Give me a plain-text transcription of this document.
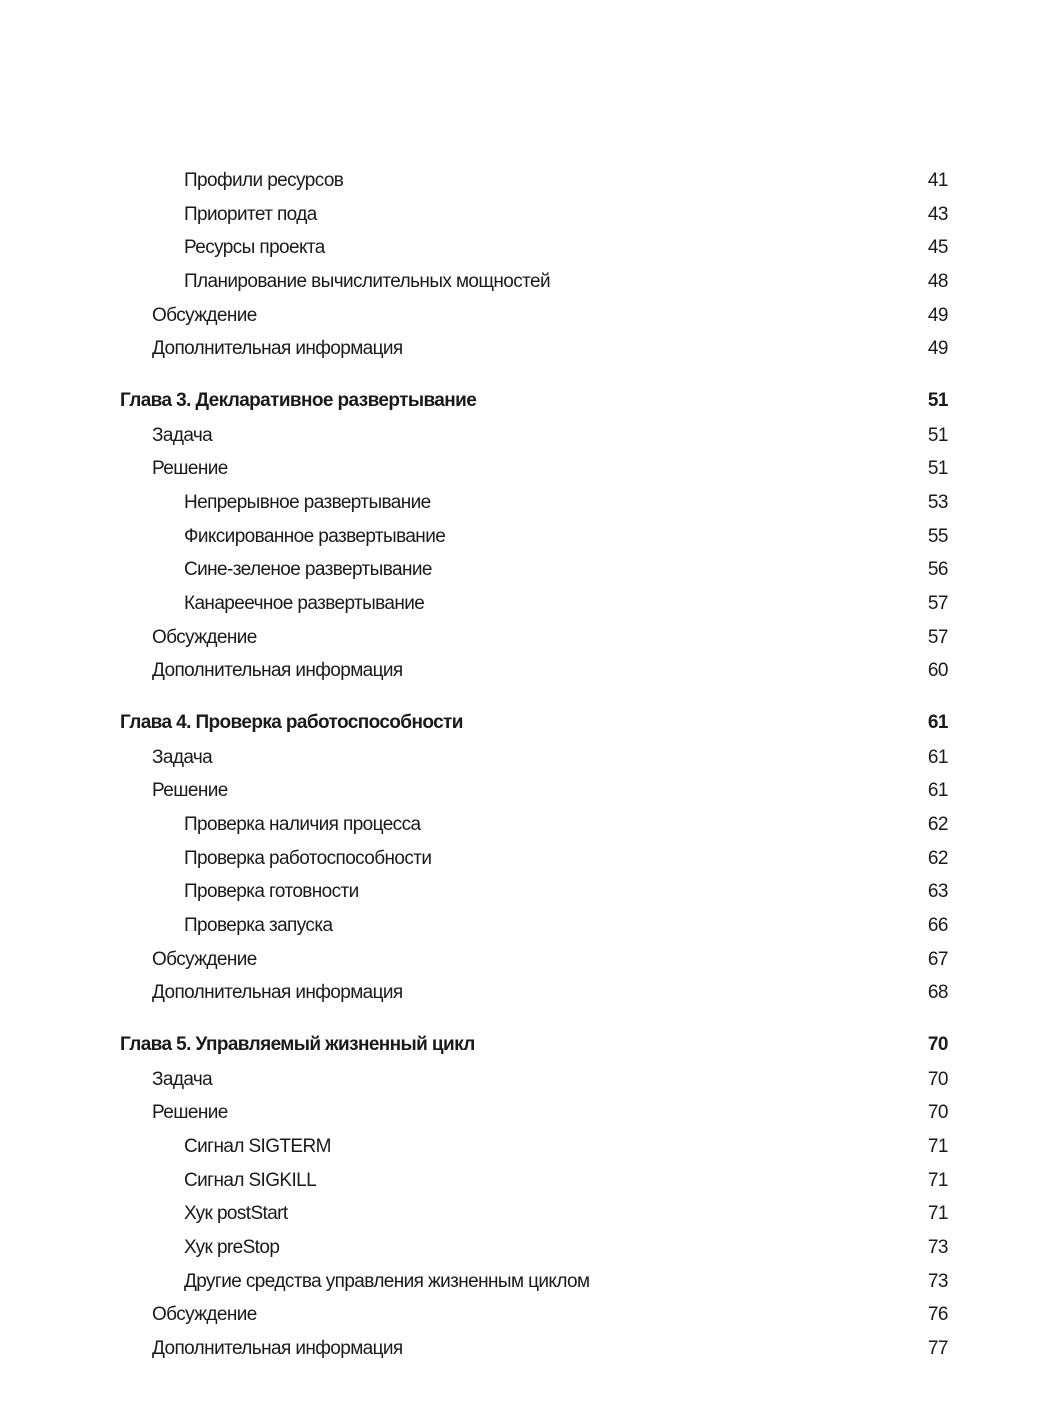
Профили ресурсов .....	41
Приоритет пода .....	43
Ресурсы проекта .....	45
Планирование вычислительных мощностей .....	48
Обсуждение .....	49
Дополнительная информация .....	49
Глава 3. Декларативное развертывание .....	51
Задача .....	51
Решение .....	51
Непрерывное развертывание .....	53
Фиксированное развертывание .....	55
Сине-зеленое развертывание .....	56
Канареечное развертывание .....	57
Обсуждение .....	57
Дополнительная информация .....	60
Глава 4. Проверка работоспособности .....	61
Задача .....	61
Решение .....	61
Проверка наличия процесса .....	62
Проверка работоспособности .....	62
Проверка готовности .....	63
Проверка запуска .....	66
Обсуждение .....	67
Дополнительная информация .....	68
Глава 5. Управляемый жизненный цикл .....	70
Задача .....	70
Решение .....	70
Сигнал SIGTERM .....	71
Сигнал SIGKILL .....	71
Хук postStart .....	71
Хук preStop .....	73
Другие средства управления жизненным циклом .....	73
Обсуждение .....	76
Дополнительная информация .....	77
